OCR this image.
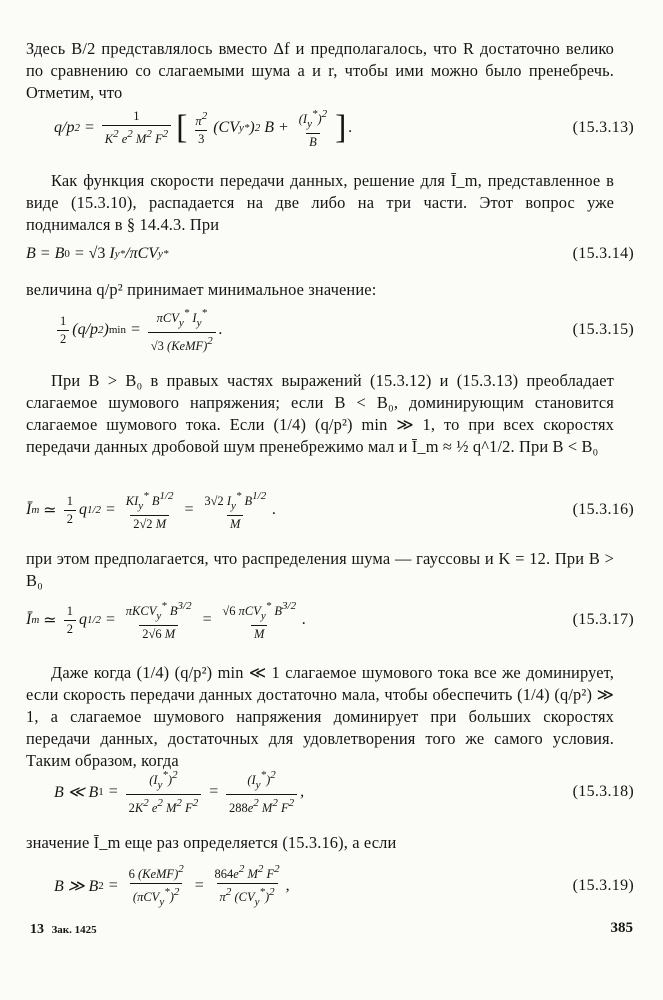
Здесь B/2 представлялось вместо Δf и предполагалось, что R достаточно велико по сравнению со слагаемыми шума a и r, чтобы ими можно было пренебречь. Отметим, что

q/p $2 = \frac{1}{K2 e2 M2 F2}$ [ $\frac{\pi 2}{3} (CV$ y * ) 2 $B + \frac{(Iy*)2}{B}$ ] .	(15.3.13)

Как функция скорости передачи данных, решение для Ī_m, представленное в виде (15.3.10), распадается на две либо на три части. Этот вопрос уже поднимался в § 14.4.3. При

B = B 0 = √3 I y * /πCV y *	(15.3.14)

величина q/p² принимает минимальное значение:

$\frac{1}{2} (q/p$ 2 ) $\min = \frac{\text{πCVy* Iy*}}{\text{√3 (KeMF)2}}$ .	(15.3.15)

При B > B₀ в правых частях выражений (15.3.12) и (15.3.13) преобладает слагаемое шумового напряжения; если B < B₀, доминирующим становится слагаемое шумового тока. Если (1/4) (q/p²) min ≫ 1, то при всех скоростях передачи данных дробовой шум пренебрежимо мал и Ī_m ≈ ½ q^1/2. При B < B₀

Ī m ≃ $\frac{1}{2}$ q $1/2 = \frac{\text{KIy* B1/2}}{2√2 M} = \frac{3√2 Iy* B1/2}{M}$ .	(15.3.16)

при этом предполагается, что распределения шума — гауссовы и K = 12. При B > B₀

Ī m ≃ $\frac{1}{2}$ q $1/2 = \frac{\text{πKCVy* B3/2}}{2√6 M} = \frac{\text{√6 πCVy* B3/2}}{M}$ .	(15.3.17)

Даже когда (1/4) (q/p²) min ≪ 1 слагаемое шумового тока все же доминирует, если скорость передачи данных достаточно мала, чтобы обеспечить (1/4) (q/p²) ≫ 1, а слагаемое шумового напряжения доминирует при больших скоростях передачи данных, достаточных для удовлетворения того же самого условия. Таким образом, когда

B ≪ B $1 = \frac{(Iy*)2}{2K2 e2 M2 F2} = \frac{(Iy*)2}{288e2 M2 F2}$ ,	(15.3.18)

значение Ī_m еще раз определяется (15.3.16), а если

B ≫ B $2 = \frac{\text{6 (KeMF)2}}{\text{(πCVy*)2}} = \frac{864e2 M2 F2}{\text{π2 (CVy*)2}}$ ,	(15.3.19)
13 Зак. 1425	385
